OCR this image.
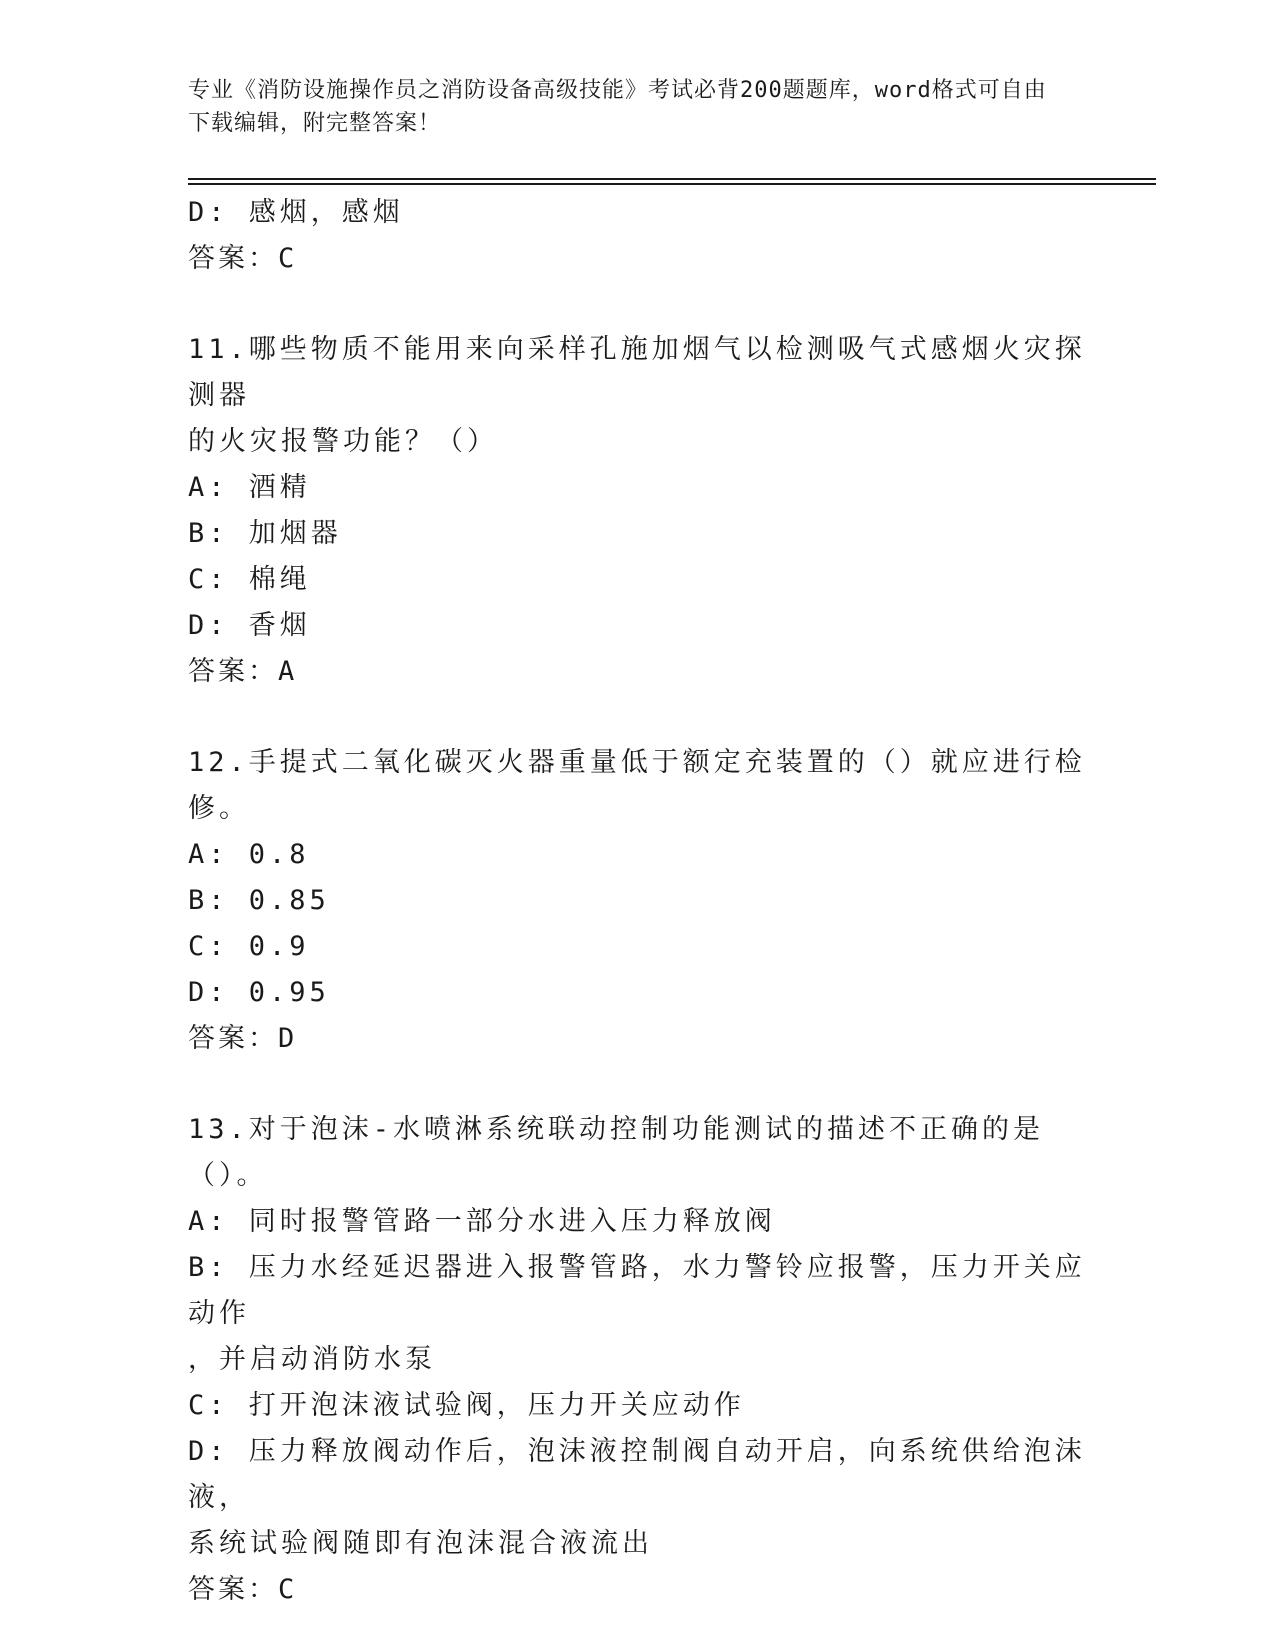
专业《消防设施操作员之消防设备高级技能》考试必背200题题库，word格式可自由下载编辑，附完整答案！
D: 感烟，感烟
答案：C
11.哪些物质不能用来向采样孔施加烟气以检测吸气式感烟火灾探测器
的火灾报警功能？（）
A: 酒精
B: 加烟器
C: 棉绳
D: 香烟
答案：A
12.手提式二氧化碳灭火器重量低于额定充装置的（）就应进行检修。
A: 0.8
B: 0.85
C: 0.9
D: 0.95
答案：D
13.对于泡沫-水喷淋系统联动控制功能测试的描述不正确的是（）。
A: 同时报警管路一部分水进入压力释放阀
B: 压力水经延迟器进入报警管路，水力警铃应报警，压力开关应动作
，并启动消防水泵
C: 打开泡沫液试验阀，压力开关应动作
D: 压力释放阀动作后，泡沫液控制阀自动开启，向系统供给泡沫液，
系统试验阀随即有泡沫混合液流出
答案：C
